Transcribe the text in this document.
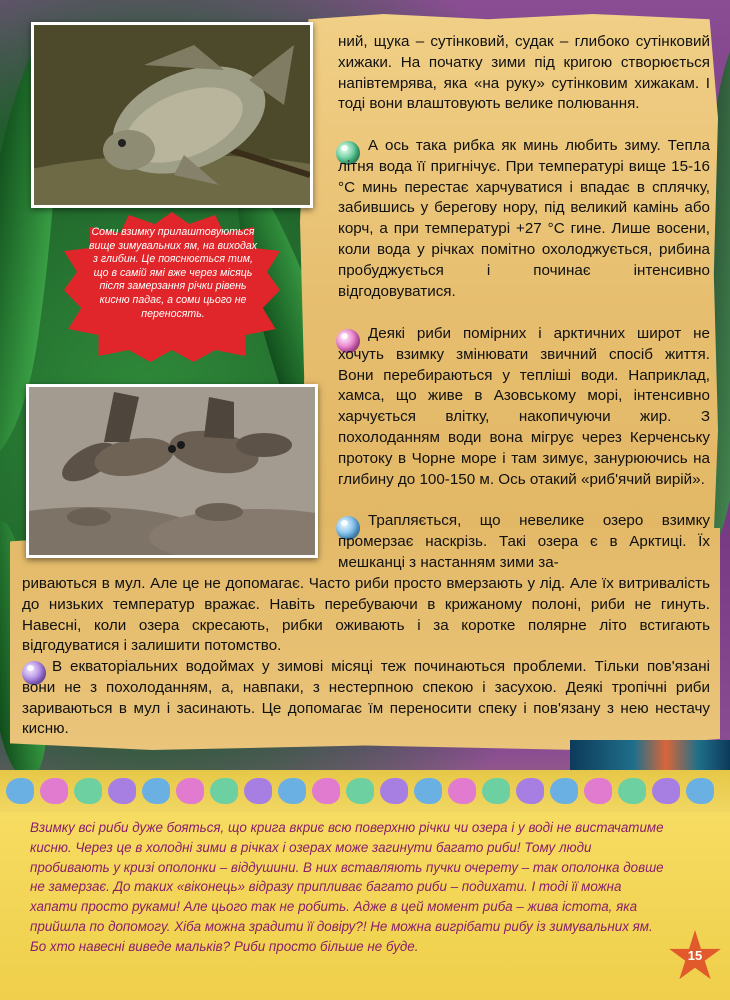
Соми взимку прилаштовуються вище зимувальних ям, на виходах з глибин. Це пояснюється тим, що в самій ямі вже через місяць після замерзання річки рівень кисню падає, а соми цього не переносять.
ний, щука – сутінковий, судак – глибоко сутінковий хижаки. На початку зими під кригою створюється напівтемрява, яка «на руку» сутінковим хижакам. І тоді вони влаштовують велике полювання.
А ось така рибка як минь любить зиму. Тепла літня вода її пригнічує. При температурі вище 15-16 °С минь перестає харчуватися і впадає в сплячку, забившись у берегову нору, під великий камінь або корч, а при температурі +27 °С гине. Лише восени, коли вода у річках помітно охолоджується, рибина пробуджується і починає інтенсивно відгодовуватися.
Деякі риби помірних і арктичних широт не хочуть взимку змінювати звичний спосіб життя. Вони перебираються у тепліші води. Наприклад, хамса, що живе в Азовському морі, інтенсивно харчується влітку, накопичуючи жир. З похолоданням води вона мігрує через Керченську протоку в Чорне море і там зимує, занурюючись на глибину до 100-150 м. Ось отакий «риб'ячий вирій».
Трапляється, що невелике озеро взимку промерзає наскрізь. Такі озера є в Арктиці. Їх мешканці з настанням зими за-
риваються в мул. Але це не допомагає. Часто риби просто вмерзають у лід. Але їх витривалість до низьких температур вражає. Навіть перебуваючи в крижаному полоні, риби не гинуть. Навесні, коли озера скресають, рибки оживають і за коротке полярне літо встигають відгодуватися і залишити потомство.
В екваторіальних водоймах у зимові місяці теж починаються проблеми. Тільки пов'язані вони не з похолоданням, а, навпаки, з нестерпною спекою і засухою. Деякі тропічні риби зариваються в мул і засинають. Це допомагає їм переносити спеку і пов'язану з нею нестачу кисню.
Взимку всі риби дуже бояться, що крига вкриє всю поверхню річки чи озера і у воді не вистачатиме кисню. Через це в холодні зими в річках і озерах може загинути багато риби! Тому люди пробивають у кризі ополонки – віддушини. В них вставляють пучки очерету – так ополонка довше не замерзає. До таких «віконець» відразу припливає багато риби – подихати. І тоді її можна хапати просто руками! Але цього так не робить. Адже в цей момент риба – жива істота, яка прийшла по допомогу. Хіба можна зрадити її довіру?! Не можна вигрібати рибу із зимувальних ям. Бо хто навесні виведе мальків? Риби просто більше не буде.
15
